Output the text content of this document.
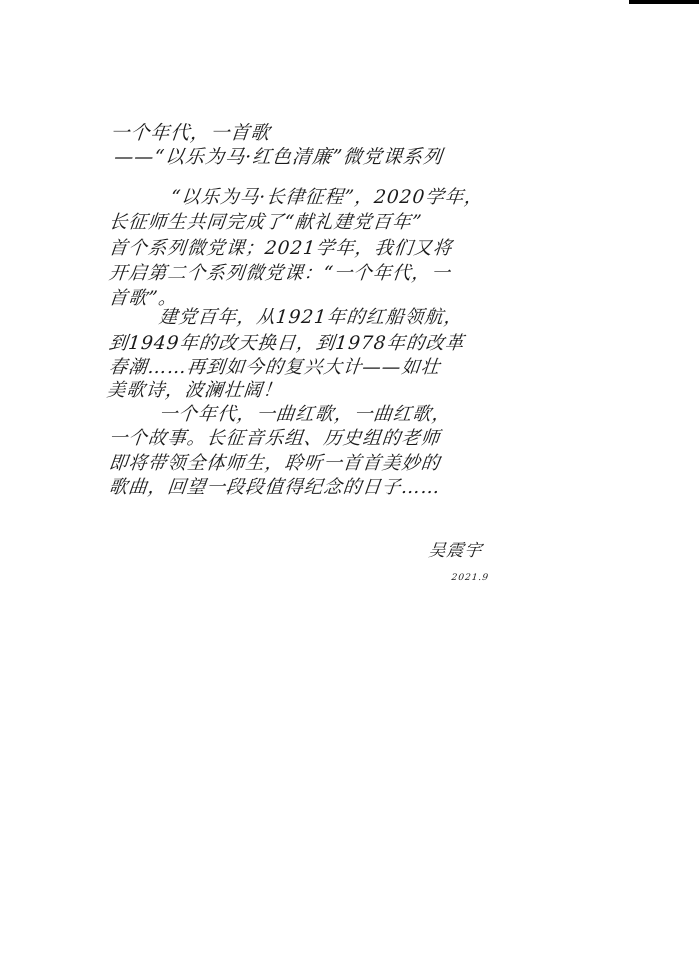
一个年代，一首歌
——“以乐为马·红色清廉”微党课系列
“以乐为马·长律征程”，2020学年，
长征师生共同完成了“献礼建党百年”
首个系列微党课；2021学年，我们又将
开启第二个系列微党课：“一个年代，一
首歌”。
建党百年，从1921年的红船领航，
到1949年的改天换日，到1978年的改革
春潮……再到如今的复兴大计——如壮
美歌诗，波澜壮阔！
一个年代，一曲红歌，一曲红歌，
一个故事。长征音乐组、历史组的老师
即将带领全体师生，聆听一首首美妙的
歌曲，回望一段段值得纪念的日子……
吴震宇
2021.9
